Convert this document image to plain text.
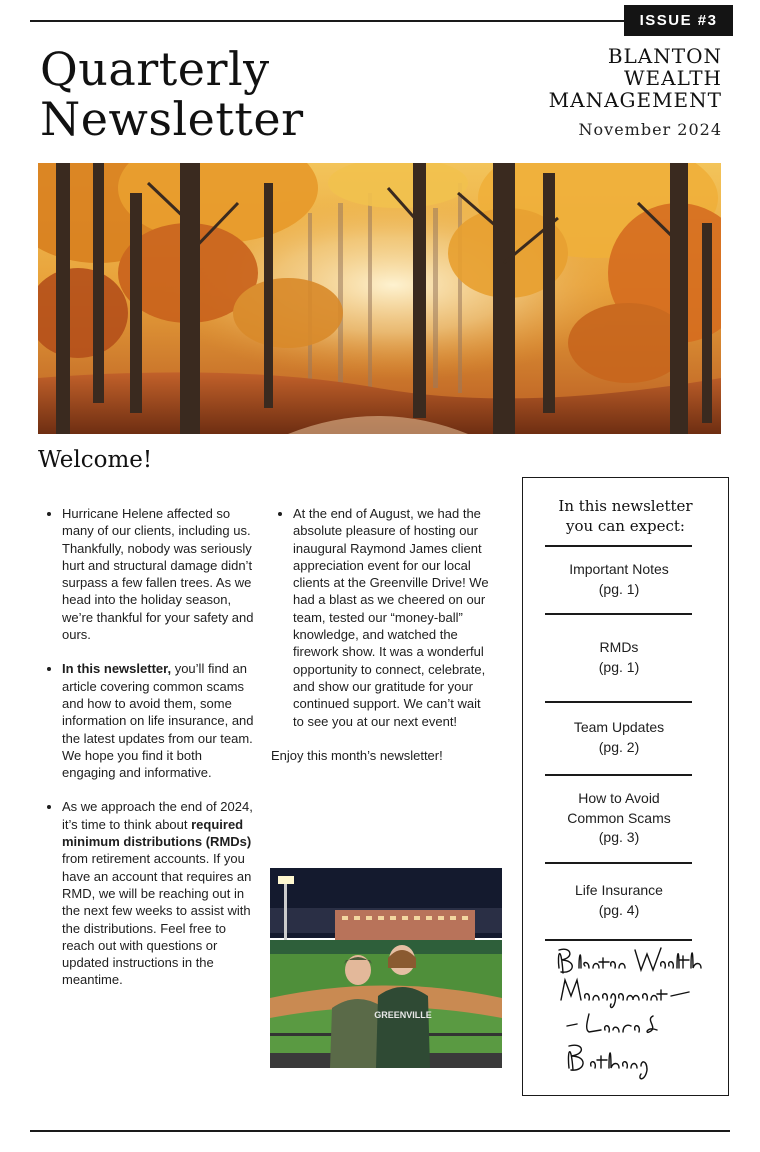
ISSUE #3
Quarterly
Newsletter
BLANTON
WEALTH
MANAGEMENT
November 2024
Welcome!
• Hurricane Helene affected so many of our clients, including us. Thankfully, nobody was seriously hurt and structural damage didn’t surpass a few fallen trees. As we head into the holiday season, we’re thankful for your safety and ours.
• In this newsletter, you’ll find an article covering common scams and how to avoid them, some information on life insurance, and the latest updates from our team. We hope you find it both engaging and informative.
• As we approach the end of 2024, it’s time to think about required minimum distributions (RMDs) from retirement accounts. If you have an account that requires an RMD, we will be reaching out in the next few weeks to assist with the distributions. Feel free to reach out with questions or updated instructions in the meantime.
• At the end of August, we had the absolute pleasure of hosting our inaugural Raymond James client appreciation event for our local clients at the Greenville Drive! We had a blast as we cheered on our team, tested our “money-ball” knowledge, and watched the firework show. It was a wonderful opportunity to connect, celebrate, and show our gratitude for your continued support. We can’t wait to see you at our next event!

Enjoy this month’s newsletter!

GREENVILLE
In this newsletter
you can expect:
Important Notes
(pg. 1)
RMDs
(pg. 1)
Team Updates
(pg. 2)
How to Avoid
Common Scams
(pg. 3)
Life Insurance
(pg. 4)
